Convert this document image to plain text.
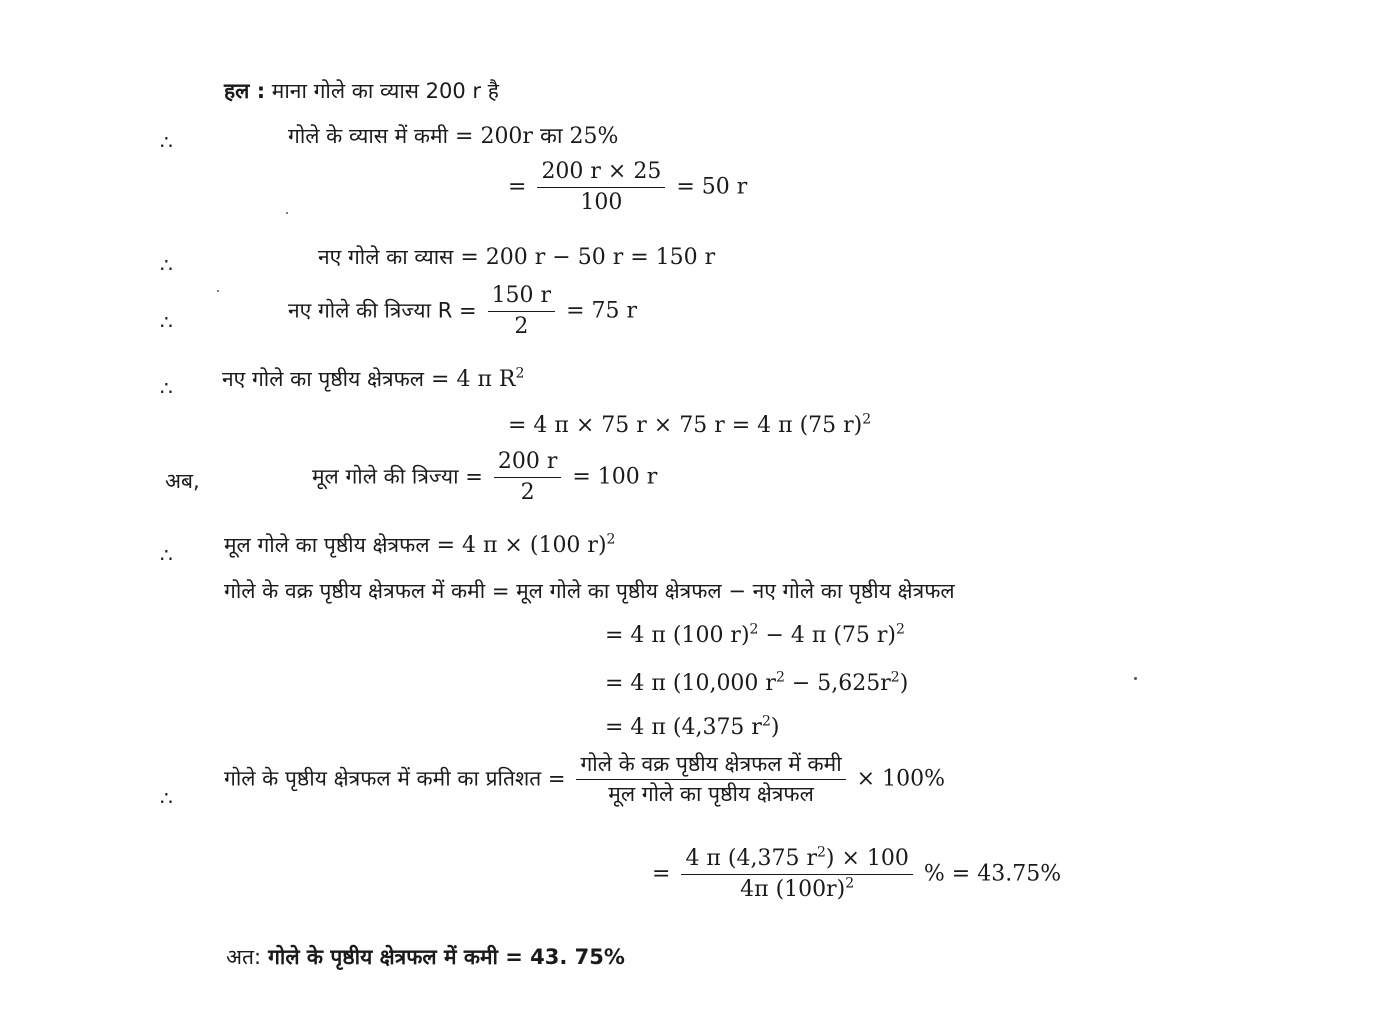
हल : माना गोले का व्यास 200 r है
∴	गोले के व्यास में कमी = 200r का 25%
= $\frac{200 r \times 25}{100} = 50$ r
∴	नए गोले का व्यास = 200 r − 50 r = 150 r
∴	नए गोले की त्रिज्या $R = \frac{150 r}{2} = 75$ r
∴ नए गोले का पृष्ठीय क्षेत्रफल = 4 π $R^2$
= 4 π × 75 r × 75 r = 4 π (75 r)$^2$
अब,	मूल गोले की त्रिज्या = $\frac{200 r}{2} = 100$ r
∴ मूल गोले का पृष्ठीय क्षेत्रफल = 4 π × (100 r)$^2$
गोले के वक्र पृष्ठीय क्षेत्रफल में कमी = मूल गोले का पृष्ठीय क्षेत्रफल − नए गोले का पृष्ठीय क्षेत्रफल
= 4 π (100 r)$^2$ − 4 π (75 r)$^2$
= 4 π (10,000 $r^2 - 5,625r^2$)
= 4 π (4,375 $r^2$)
∴
गोले के पृष्ठीय क्षेत्रफल में कमी का प्रतिशत = $\frac{\text{गोले के वक्र पृष्ठीय क्षेत्रफल में कमी}}{\text{मूल गोले का पृष्ठीय क्षेत्रफल}} \times 100\%$
= $\frac{4 \pi (4,375 r^2) \times 100}{4\pi (100r)^2}$ % = 43.75%
अत: गोले के पृष्ठीय क्षेत्रफल में कमी = 43. 75%
